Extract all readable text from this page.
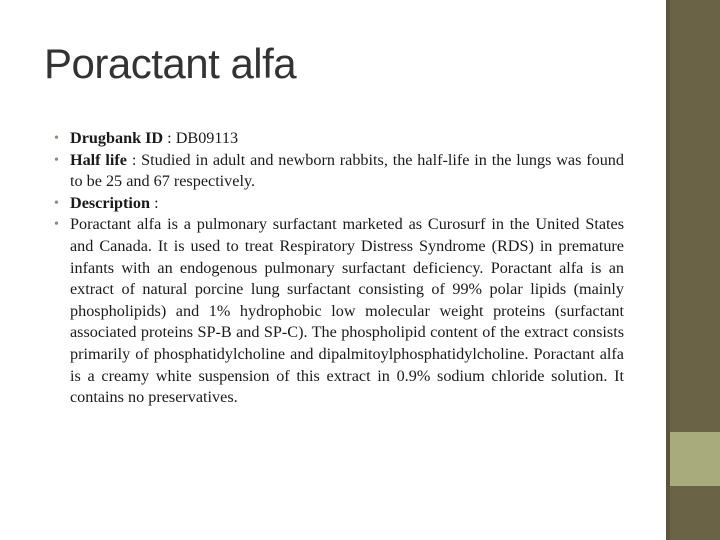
Poractant alfa
• Drugbank ID : DB09113
• Half life : Studied in adult and newborn rabbits, the half-life in the lungs was found to be 25 and 67 respectively.
• Description :
• Poractant alfa is a pulmonary surfactant marketed as Curosurf in the United States and Canada. It is used to treat Respiratory Distress Syndrome (RDS) in premature infants with an endogenous pulmonary surfactant deficiency. Poractant alfa is an extract of natural porcine lung surfactant consisting of 99% polar lipids (mainly phospholipids) and 1% hydrophobic low molecular weight proteins (surfactant associated proteins SP-B and SP-C). The phospholipid content of the extract consists primarily of phosphatidylcholine and dipalmitoylphosphatidylcholine. Poractant alfa is a creamy white suspension of this extract in 0.9% sodium chloride solution. It contains no preservatives.
